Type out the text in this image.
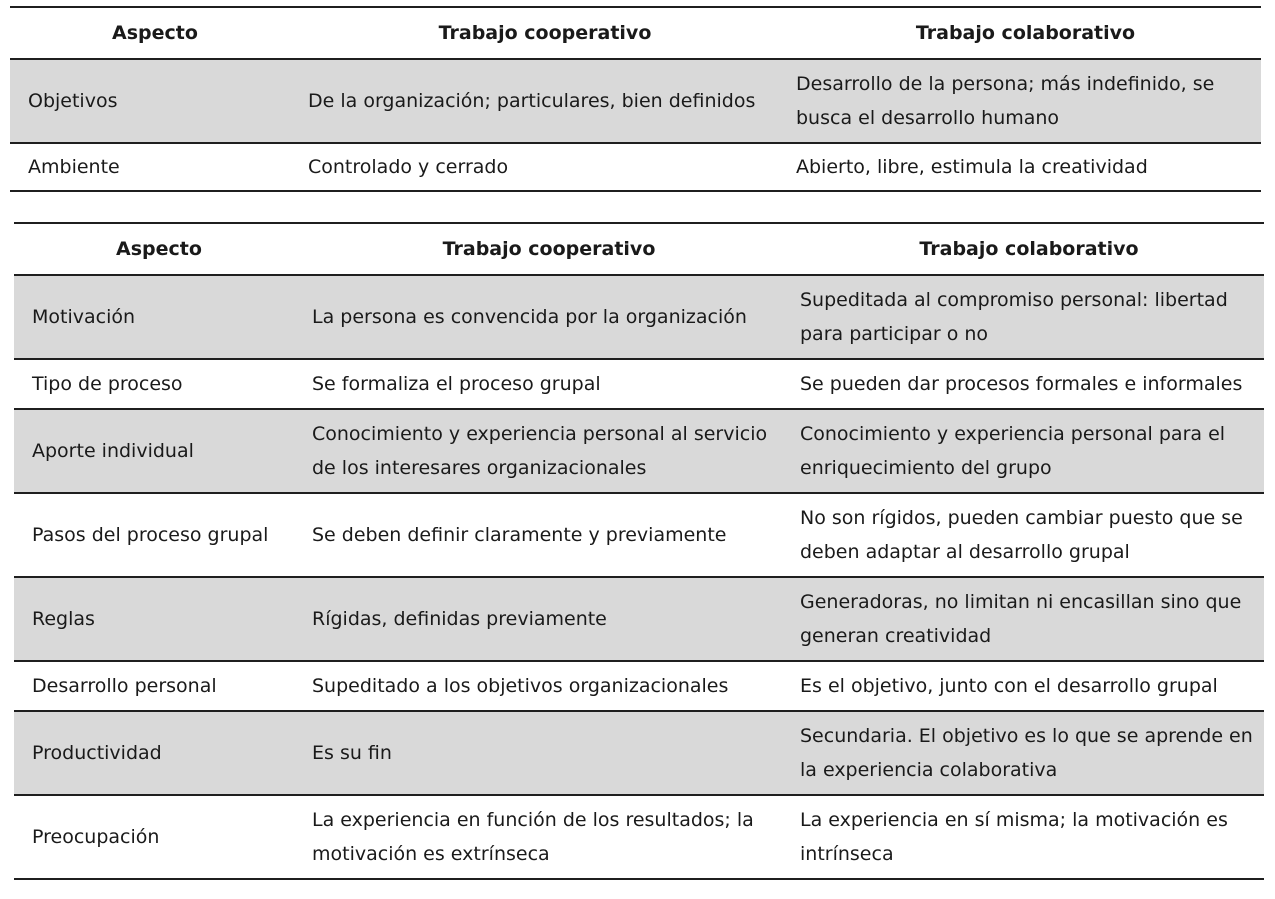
Aspecto	Trabajo cooperativo	Trabajo colaborativo
Objetivos	De la organización; particulares, bien definidos	Desarrollo de la persona; más indefinido, se busca el desarrollo humano
Ambiente	Controlado y cerrado	Abierto, libre, estimula la creatividad
Aspecto	Trabajo cooperativo	Trabajo colaborativo
Motivación	La persona es convencida por la organización	Supeditada al compromiso personal: libertad para participar o no
Tipo de proceso	Se formaliza el proceso grupal	Se pueden dar procesos formales e informales
Aporte individual	Conocimiento y experiencia personal al servicio de los interesares organizacionales	Conocimiento y experiencia personal para el enriquecimiento del grupo
Pasos del proceso grupal	Se deben definir claramente y previamente	No son rígidos, pueden cambiar puesto que se deben adaptar al desarrollo grupal
Reglas	Rígidas, definidas previamente	Generadoras, no limitan ni encasillan sino que generan creatividad
Desarrollo personal	Supeditado a los objetivos organizacionales	Es el objetivo, junto con el desarrollo grupal
Productividad	Es su fin	Secundaria. El objetivo es lo que se aprende en la experiencia colaborativa
Preocupación	La experiencia en función de los resultados; la motivación es extrínseca	La experiencia en sí misma; la motivación es intrínseca
